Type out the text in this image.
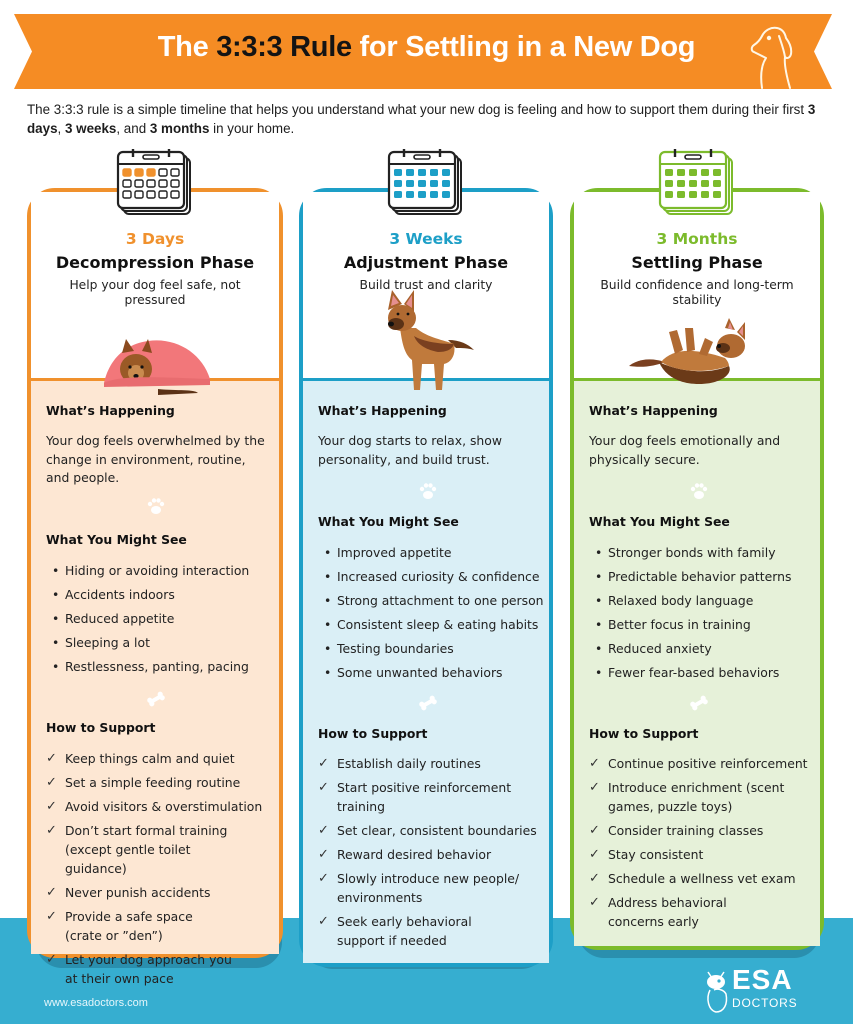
The 3:3:3 Rule for Settling in a New Dog
The 3:3:3 rule is a simple timeline that helps you understand what your new dog is feeling and how to support them during their first 3 days, 3 weeks, and 3 months in your home.
3 Days
Decompression Phase
Help your dog feel safe, not pressured
What’s Happening
Your dog feels overwhelmed by the change in environment, routine, and people.
What You Might See
• Hiding or avoiding interaction
• Accidents indoors
• Reduced appetite
• Sleeping a lot
• Restlessness, panting, pacing
How to Support
✓ Keep things calm and quiet
✓ Set a simple feeding routine
✓ Avoid visitors & overstimulation
✓ Don’t start formal training (except gentle toilet guidance)
✓ Never punish accidents
✓ Provide a safe space (crate or ”den”)
✓ Let your dog approach you at their own pace
3 Weeks
Adjustment Phase
Build trust and clarity
What’s Happening
Your dog starts to relax, show personality, and build trust.
What You Might See
• Improved appetite
• Increased curiosity & confidence
• Strong attachment to one person
• Consistent sleep & eating habits
• Testing boundaries
• Some unwanted behaviors
How to Support
✓ Establish daily routines
✓ Start positive reinforcement training
✓ Set clear, consistent boundaries
✓ Reward desired behavior
✓ Slowly introduce new people/ environments
✓ Seek early behavioral support if needed
3 Months
Settling Phase
Build confidence and long-term stability
What’s Happening
Your dog feels emotionally and physically secure.
What You Might See
• Stronger bonds with family
• Predictable behavior patterns
• Relaxed body language
• Better focus in training
• Reduced anxiety
• Fewer fear-based behaviors
How to Support
✓ Continue positive reinforcement
✓ Introduce enrichment (scent games, puzzle toys)
✓ Consider training classes
✓ Stay consistent
✓ Schedule a wellness vet exam
✓ Address behavioral concerns early
www.esadoctors.com
ESA
DOCTORS
